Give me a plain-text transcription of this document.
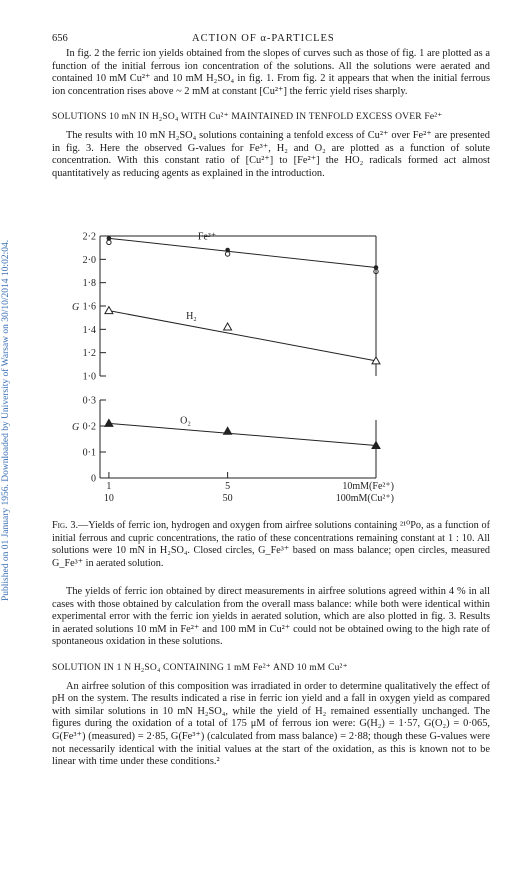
Published on 01 January 1956. Downloaded by University of Warsaw on 30/10/2014 10:02:04.
656	ACTION OF α-PARTICLES

In fig. 2 the ferric ion yields obtained from the slopes of curves such as those of fig. 1 are plotted as a function of the initial ferrous ion concentration of the solutions. All the solutions were aerated and contained 10 mM Cu²⁺ and 10 mM H₂SO₄ in fig. 1. From fig. 2 it appears that when the initial ferrous ion concentration rises above ~ 2 mM at constant [Cu²⁺] the ferric yield rises sharply.

SOLUTIONS 10 mN IN H₂SO₄ WITH Cu²⁺ MAINTAINED IN TENFOLD EXCESS OVER Fe²⁺

The results with 10 mN H₂SO₄ solutions containing a tenfold excess of Cu²⁺ over Fe²⁺ are presented in fig. 3. Here the observed G-values for Fe³⁺, H₂ and O₂ are plotted as a function of solute concentration. With this constant ratio of [Cu²⁺] to [Fe²⁺] the HO₂ radicals formed act almost quantitatively as reducing agents as explained in the introduction.

2·2
2·0
1·8
1·6
1·4
1·2
1·0
G
0·3
0·2
0·1
0
G
1
10
5
50
10mM(Fe²⁺)
100mM(Cu²⁺)
Fe³⁺
H₂
O₂
Fig. 3.—Yields of ferric ion, hydrogen and oxygen from airfree solutions containing ²¹⁰Po, as a function of initial ferrous and cupric concentrations, the ratio of these concentrations remaining constant at 1 : 10. All solutions were 10 mN in H₂SO₄. Closed circles, G_Fe³⁺ based on mass balance; open circles, measured G_Fe³⁺ in aerated solution.

The yields of ferric ion obtained by direct measurements in airfree solutions agreed within 4 % in all cases with those obtained by calculation from the overall mass balance: while both were identical within experimental error with the ferric ion yields in aerated solution, which are also plotted in fig. 3. Results in aerated solutions 10 mM in Fe²⁺ and 100 mM in Cu²⁺ could not be obtained owing to the high rate of spontaneous oxidation in these solutions.

SOLUTION IN 1 N H₂SO₄ CONTAINING 1 mM Fe²⁺ AND 10 mM Cu²⁺

An airfree solution of this composition was irradiated in order to determine qualitatively the effect of pH on the system. The results indicated a rise in ferric ion yield and a fall in oxygen yield as compared with similar solutions in 10 mN H₂SO₄, while the yield of H₂ remained essentially unchanged. The figures during the oxidation of a total of 175 μM of ferrous ion were: G(H₂) = 1·57, G(O₂) = 0·065, G(Fe³⁺) (measured) = 2·85, G(Fe³⁺) (calculated from mass balance) = 2·88; though these G-values were not necessarily identical with the initial values at the start of the oxidation, as this is known not to be linear with time under these conditions.²
